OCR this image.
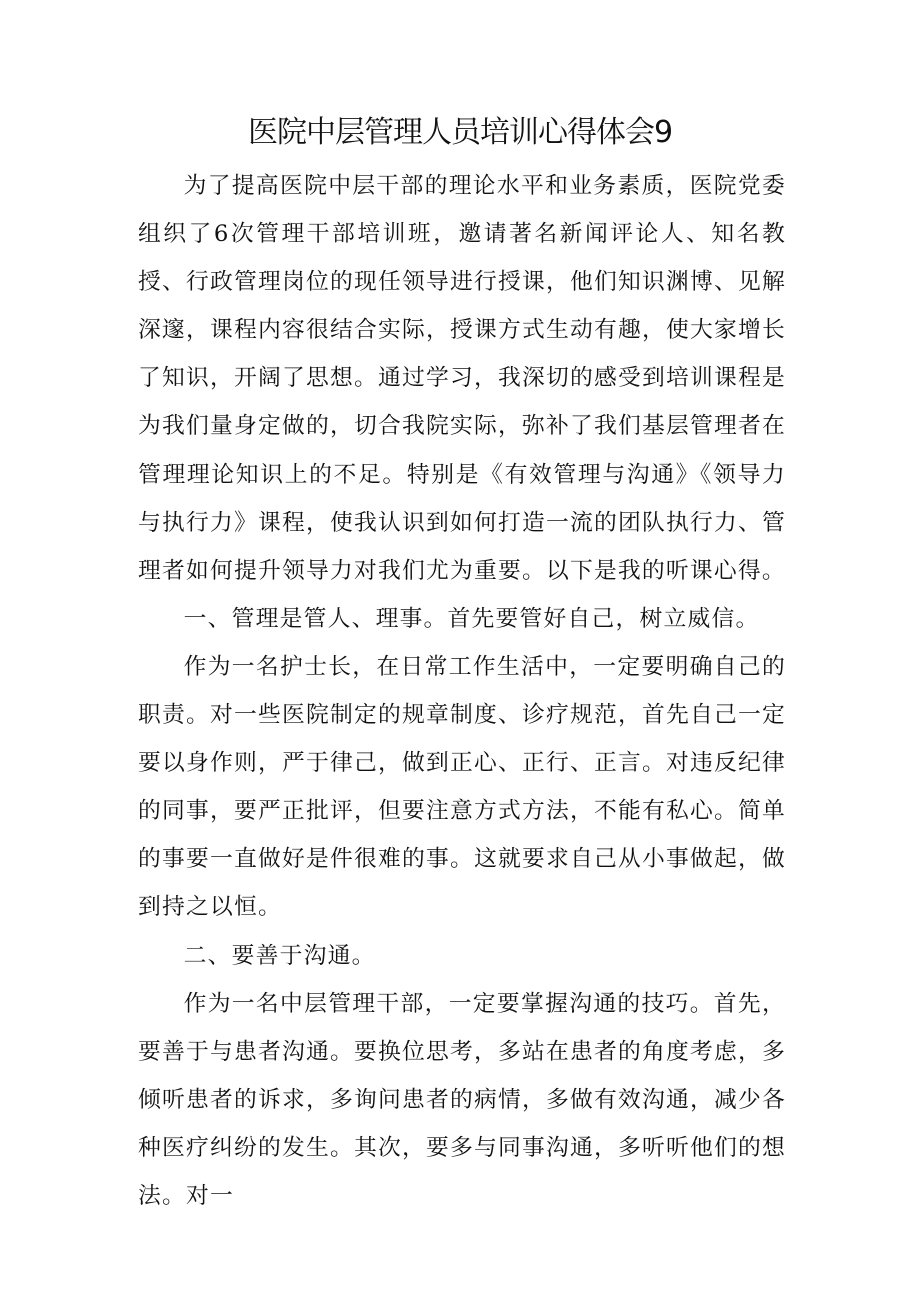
医院中层管理人员培训心得体会9

为了提高医院中层干部的理论水平和业务素质，医院党委组织了6次管理干部培训班，邀请著名新闻评论人、知名教授、行政管理岗位的现任领导进行授课，他们知识渊博、见解深邃，课程内容很结合实际，授课方式生动有趣，使大家增长了知识，开阔了思想。通过学习，我深切的感受到培训课程是为我们量身定做的，切合我院实际，弥补了我们基层管理者在管理理论知识上的不足。特别是《有效管理与沟通》《领导力与执行力》课程，使我认识到如何打造一流的团队执行力、管理者如何提升领导力对我们尤为重要。以下是我的听课心得。

一、管理是管人、理事。首先要管好自己，树立威信。

作为一名护士长，在日常工作生活中，一定要明确自己的职责。对一些医院制定的规章制度、诊疗规范，首先自己一定要以身作则，严于律己，做到正心、正行、正言。对违反纪律的同事，要严正批评，但要注意方式方法，不能有私心。简单的事要一直做好是件很难的事。这就要求自己从小事做起，做到持之以恒。

二、要善于沟通。

作为一名中层管理干部，一定要掌握沟通的技巧。首先，要善于与患者沟通。要换位思考，多站在患者的角度考虑，多倾听患者的诉求，多询问患者的病情，多做有效沟通，减少各种医疗纠纷的发生。其次，要多与同事沟通，多听听他们的想法。对一
